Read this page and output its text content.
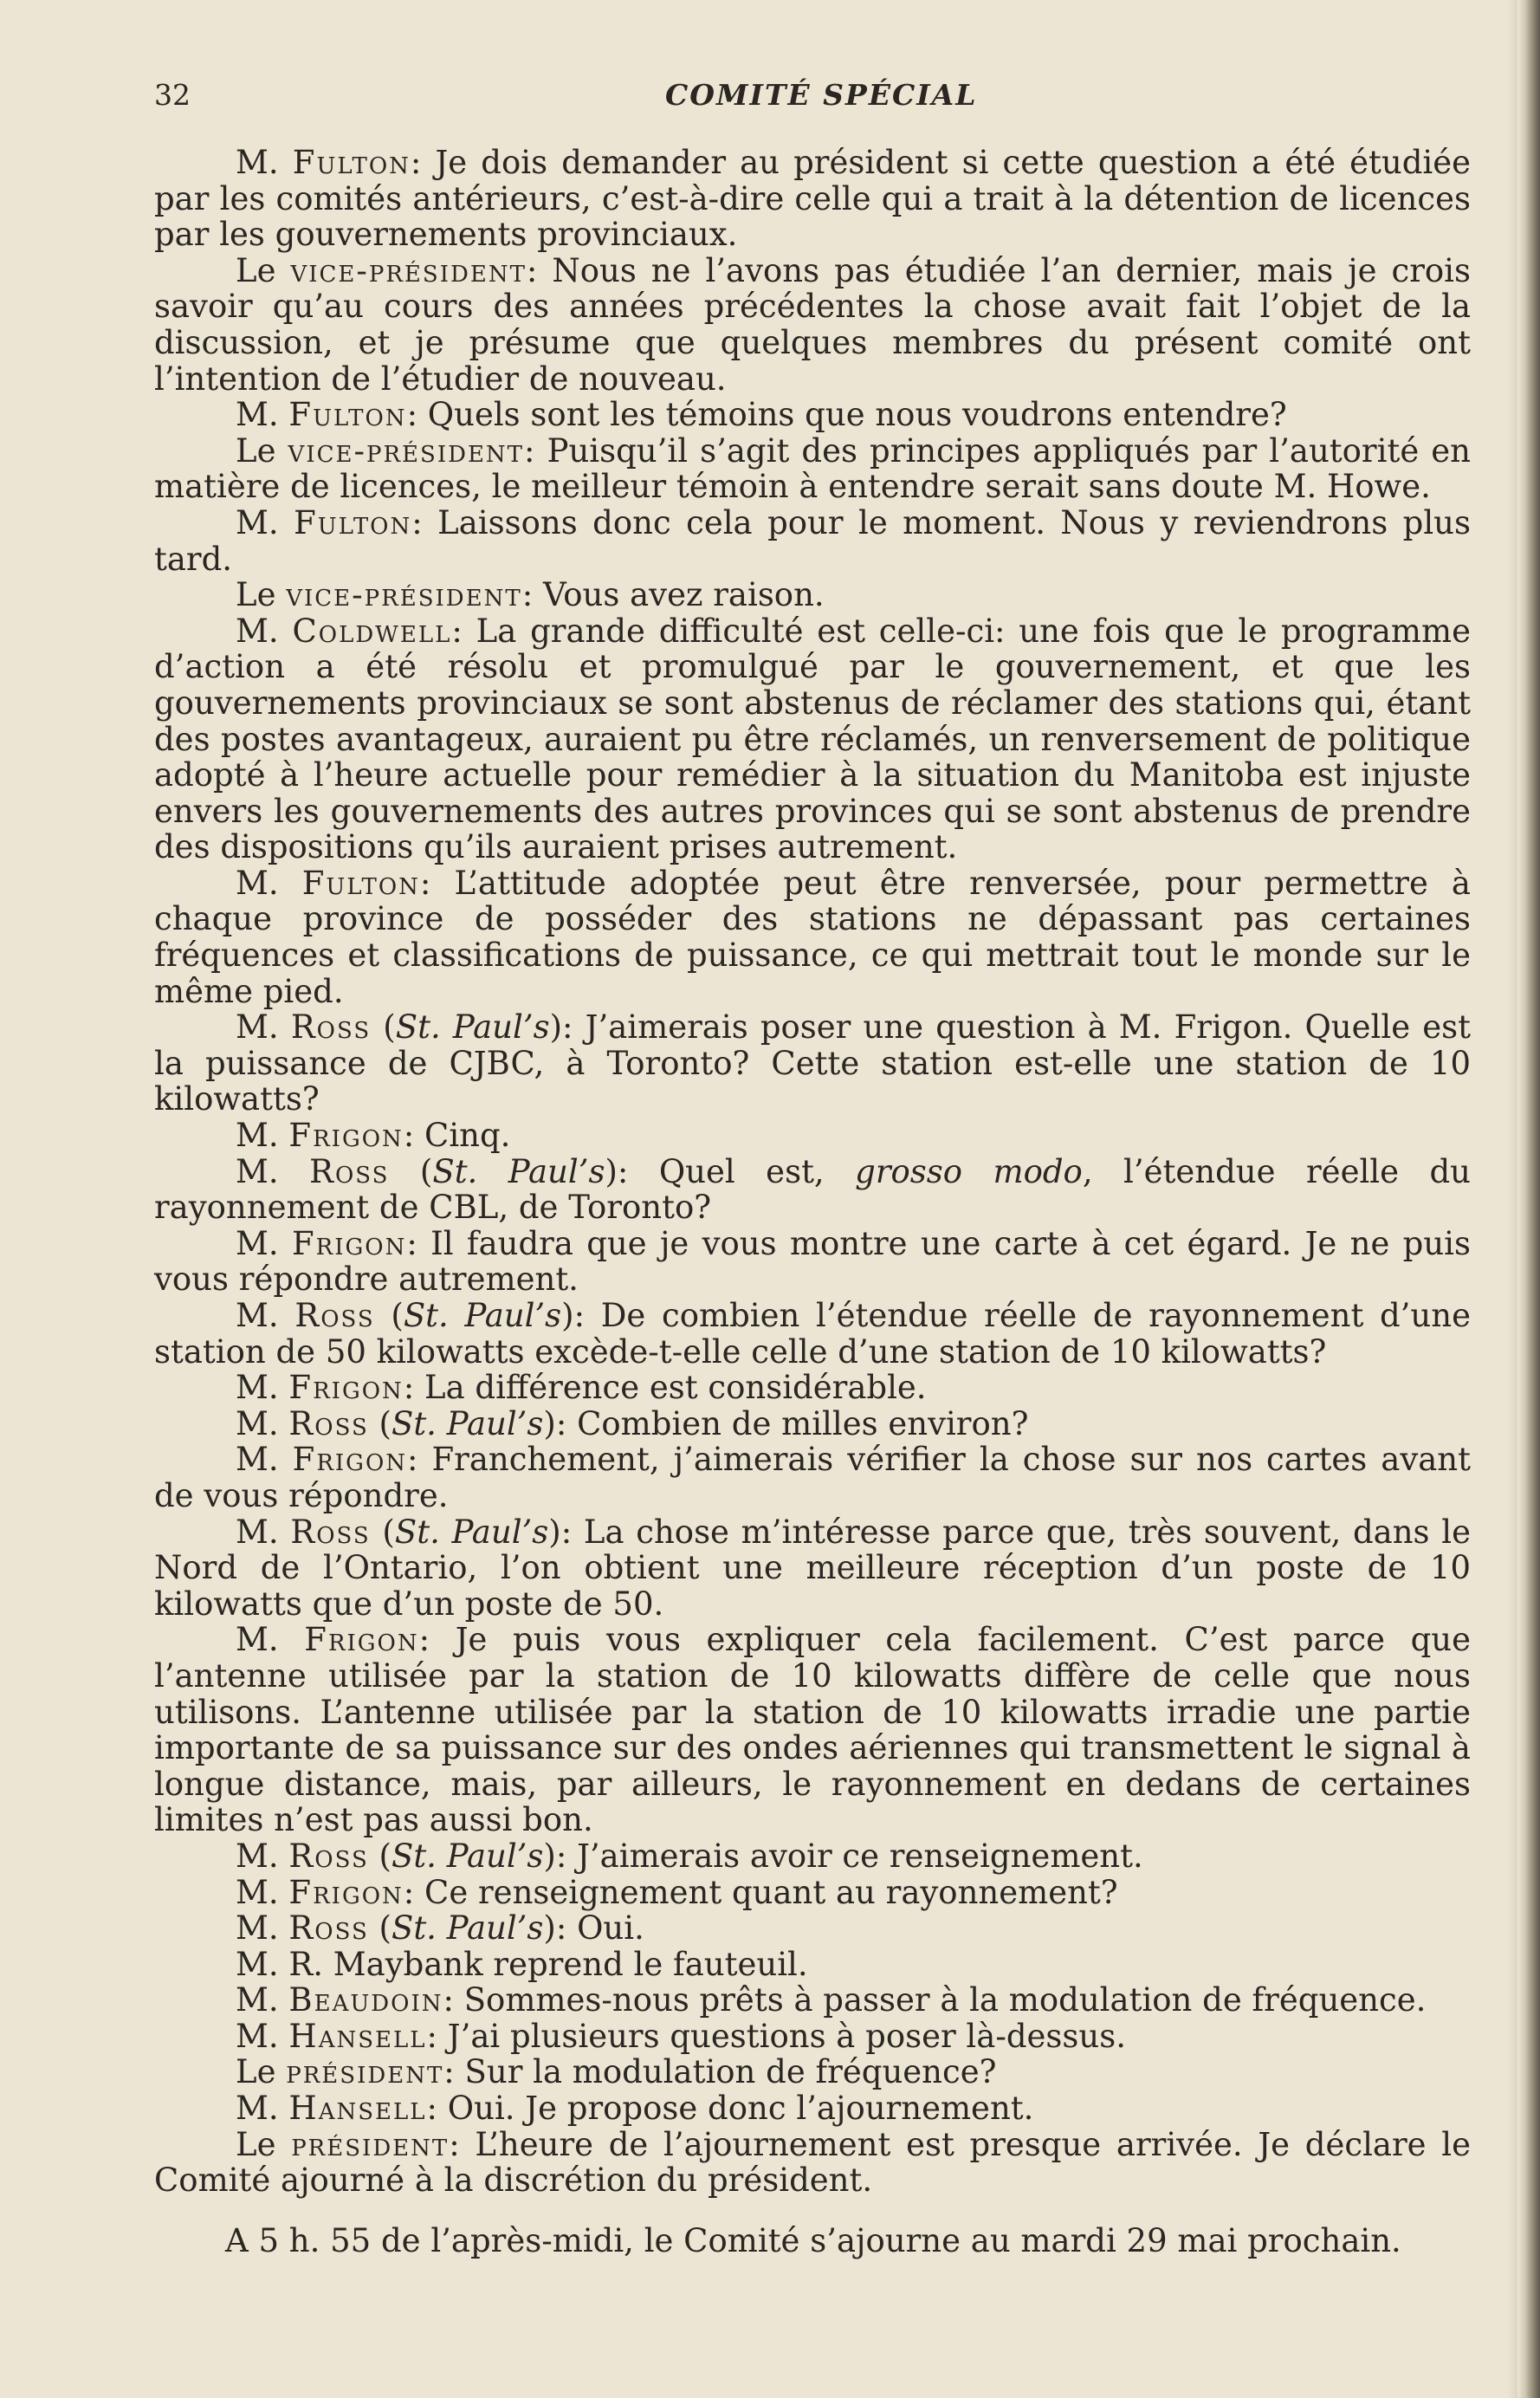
32	COMITÉ SPÉCIAL

M. Fulton: Je dois demander au président si cette question a été étudiée par les comités antérieurs, c’est-à-dire celle qui a trait à la détention de licences par les gouvernements provinciaux.

Le vice-président: Nous ne l’avons pas étudiée l’an dernier, mais je crois savoir qu’au cours des années précédentes la chose avait fait l’objet de la discussion, et je présume que quelques membres du présent comité ont l’intention de l’étudier de nouveau.

M. Fulton: Quels sont les témoins que nous voudrons entendre?

Le vice-président: Puisqu’il s’agit des principes appliqués par l’autorité en matière de licences, le meilleur témoin à entendre serait sans doute M. Howe.

M. Fulton: Laissons donc cela pour le moment. Nous y reviendrons plus tard.

Le vice-président: Vous avez raison.

M. Coldwell: La grande difficulté est celle-ci: une fois que le programme d’action a été résolu et promulgué par le gouvernement, et que les gouvernements provinciaux se sont abstenus de réclamer des stations qui, étant des postes avantageux, auraient pu être réclamés, un renversement de politique adopté à l’heure actuelle pour remédier à la situation du Manitoba est injuste envers les gouvernements des autres provinces qui se sont abstenus de prendre des dispositions qu’ils auraient prises autrement.

M. Fulton: L’attitude adoptée peut être renversée, pour permettre à chaque province de posséder des stations ne dépassant pas certaines fréquences et classifications de puissance, ce qui mettrait tout le monde sur le même pied.

M. Ross (St. Paul’s): J’aimerais poser une question à M. Frigon. Quelle est la puissance de CJBC, à Toronto? Cette station est-elle une station de 10 kilowatts?

M. Frigon: Cinq.

M. Ross (St. Paul’s): Quel est, grosso modo, l’étendue réelle du rayonnement de CBL, de Toronto?

M. Frigon: Il faudra que je vous montre une carte à cet égard. Je ne puis vous répondre autrement.

M. Ross (St. Paul’s): De combien l’étendue réelle de rayonnement d’une station de 50 kilowatts excède-t-elle celle d’une station de 10 kilowatts?

M. Frigon: La différence est considérable.

M. Ross (St. Paul’s): Combien de milles environ?

M. Frigon: Franchement, j’aimerais vérifier la chose sur nos cartes avant de vous répondre.

M. Ross (St. Paul’s): La chose m’intéresse parce que, très souvent, dans le Nord de l’Ontario, l’on obtient une meilleure réception d’un poste de 10 kilowatts que d’un poste de 50.

M. Frigon: Je puis vous expliquer cela facilement. C’est parce que l’antenne utilisée par la station de 10 kilowatts diffère de celle que nous utilisons. L’antenne utilisée par la station de 10 kilowatts irradie une partie importante de sa puissance sur des ondes aériennes qui transmettent le signal à longue distance, mais, par ailleurs, le rayonnement en dedans de certaines limites n’est pas aussi bon.

M. Ross (St. Paul’s): J’aimerais avoir ce renseignement.

M. Frigon: Ce renseignement quant au rayonnement?

M. Ross (St. Paul’s): Oui.

M. R. Maybank reprend le fauteuil.

M. Beaudoin: Sommes-nous prêts à passer à la modulation de fréquence.

M. Hansell: J’ai plusieurs questions à poser là-dessus.

Le président: Sur la modulation de fréquence?

M. Hansell: Oui. Je propose donc l’ajournement.

Le président: L’heure de l’ajournement est presque arrivée. Je déclare le Comité ajourné à la discrétion du président.

A 5 h. 55 de l’après-midi, le Comité s’ajourne au mardi 29 mai prochain.
